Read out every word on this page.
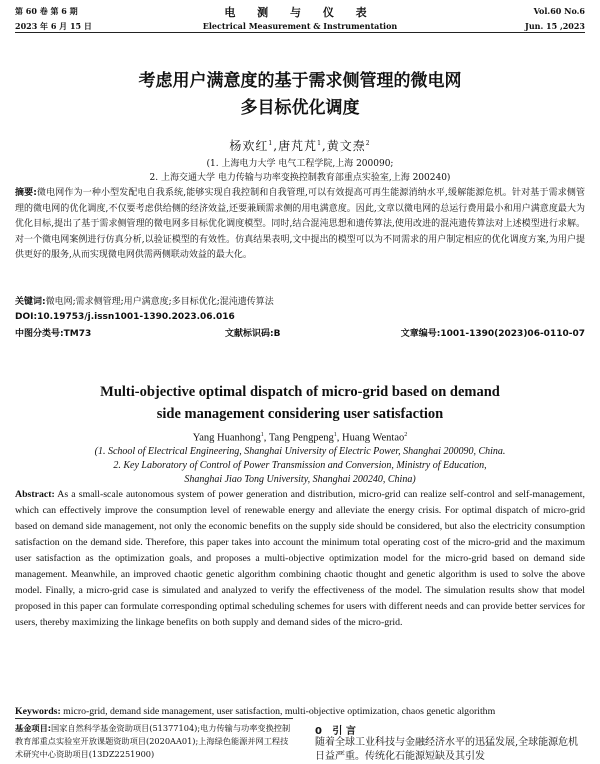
第 60 卷 第 6 期
2023 年 6 月 15 日
电 测 与 仪 表
Electrical Measurement & Instrumentation
Vol.60 No.6
Jun. 15 ,2023
考虑用户满意度的基于需求侧管理的微电网
多目标优化调度
杨欢红$^1$,唐芃芃$^1$,黄文焘$^2$
(1. 上海电力大学 电气工程学院,上海 200090;
2. 上海交通大学 电力传输与功率变换控制教育部重点实验室,上海 200240)
摘要:微电网作为一种小型发配电自我系统,能够实现自我控制和自我管理,可以有效提高可再生能源消纳水平,缓解能源危机。针对基于需求侧管理的微电网的优化调度,不仅要考虑供给侧的经济效益,还要兼顾需求侧的用电满意度。因此,文章以微电网的总运行费用最小和用户满意度最大为优化目标,提出了基于需求侧管理的微电网多目标优化调度模型。同时,结合混沌思想和遗传算法,使用改进的混沌遗传算法对上述模型进行求解。对一个微电网案例进行仿真分析,以验证模型的有效性。仿真结果表明,文中提出的模型可以为不同需求的用户制定相应的优化调度方案,为用户提供更好的服务,从而实现微电网供需两侧联动效益的最大化。
关键词:微电网;需求侧管理;用户满意度;多目标优化;混沌遗传算法
DOI:10.19753/j.issn1001-1390.2023.06.016
中图分类号:TM73	文献标识码:B	文章编号:1001-1390(2023)06-0110-07
Multi-objective optimal dispatch of micro-grid based on demand
side management considering user satisfaction
Yang Huanhong$^1$, Tang Pengpeng$^1$, Huang Wentao$^2$
(1. School of Electrical Engineering, Shanghai University of Electric Power, Shanghai 200090, China.
2. Key Laboratory of Control of Power Transmission and Conversion, Ministry of Education,
Shanghai Jiao Tong University, Shanghai 200240, China)
Abstract: As a small-scale autonomous system of power generation and distribution, micro-grid can realize self-control and self-management, which can effectively improve the consumption level of renewable energy and alleviate the energy crisis. For optimal dispatch of micro-grid based on demand side management, not only the economic benefits on the supply side should be considered, but also the electricity consumption satisfaction on the demand side. Therefore, this paper takes into account the minimum total operating cost of the micro-grid and the maximum user satisfaction as the optimization goals, and proposes a multi-objective optimization model for the micro-grid based on demand side management. Meanwhile, an improved chaotic genetic algorithm combining chaotic thought and genetic algorithm is used to solve the above model. Finally, a micro-grid case is simulated and analyzed to verify the effectiveness of the model. The simulation results show that model proposed in this paper can formulate corresponding optimal scheduling schemes for users with different needs and can provide better services for users, thereby maximizing the linkage benefits on both supply and demand sides of the micro-grid.
Keywords: micro-grid, demand side management, user satisfaction, multi-objective optimization, chaos genetic algorithm
基金项目:国家自然科学基金资助项目(51377104);电力传输与功率变换控制教育部重点实验室开放课题资助项目(2020AA01);上海绿色能源并网工程技术研究中心资助项目(13DZ2251900)
0 引 言
随着全球工业科技与金融经济水平的迅猛发展,全球能源危机日益严重。传统化石能源短缺及其引发
